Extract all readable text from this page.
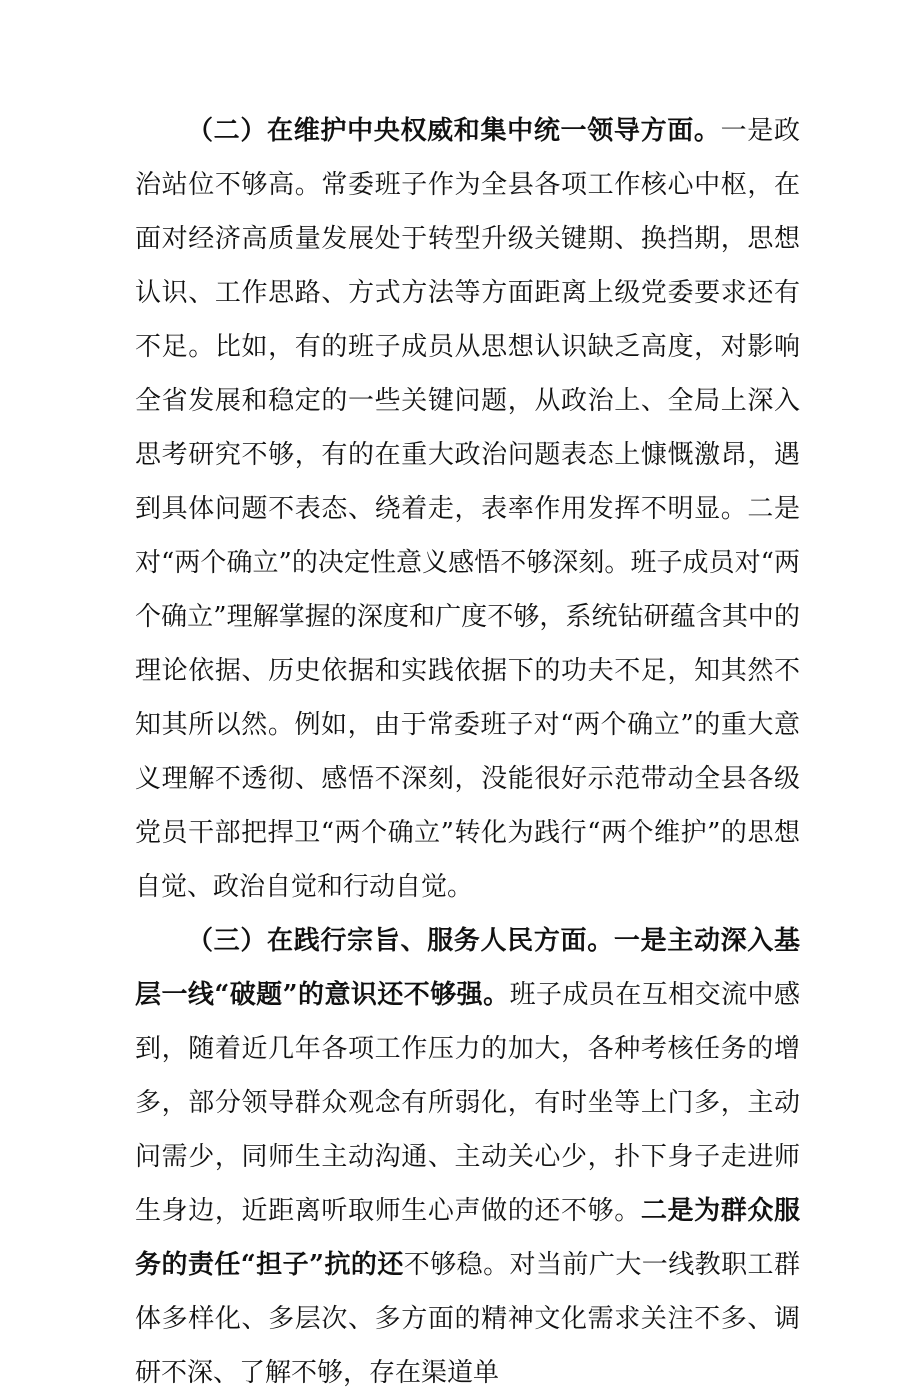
（二）在维护中央权威和集中统一领导方面。一是政治站位不够高。常委班子作为全县各项工作核心中枢，在面对经济高质量发展处于转型升级关键期、换挡期，思想认识、工作思路、方式方法等方面距离上级党委要求还有不足。比如，有的班子成员从思想认识缺乏高度，对影响全省发展和稳定的一些关键问题，从政治上、全局上深入思考研究不够，有的在重大政治问题表态上慷慨激昂，遇到具体问题不表态、绕着走，表率作用发挥不明显。二是对“两个确立”的决定性意义感悟不够深刻。班子成员对“两个确立”理解掌握的深度和广度不够，系统钻研蕴含其中的理论依据、历史依据和实践依据下的功夫不足，知其然不知其所以然。例如，由于常委班子对“两个确立”的重大意义理解不透彻、感悟不深刻，没能很好示范带动全县各级党员干部把捍卫“两个确立”转化为践行“两个维护”的思想自觉、政治自觉和行动自觉。

（三）在践行宗旨、服务人民方面。一是主动深入基层一线“破题”的意识还不够强。班子成员在互相交流中感到，随着近几年各项工作压力的加大，各种考核任务的增多，部分领导群众观念有所弱化，有时坐等上门多，主动问需少，同师生主动沟通、主动关心少，扑下身子走进师生身边，近距离听取师生心声做的还不够。二是为群众服务的责任“担子”抗的还不够稳。对当前广大一线教职工群体多样化、多层次、多方面的精神文化需求关注不多、调研不深、了解不够，存在渠道单
